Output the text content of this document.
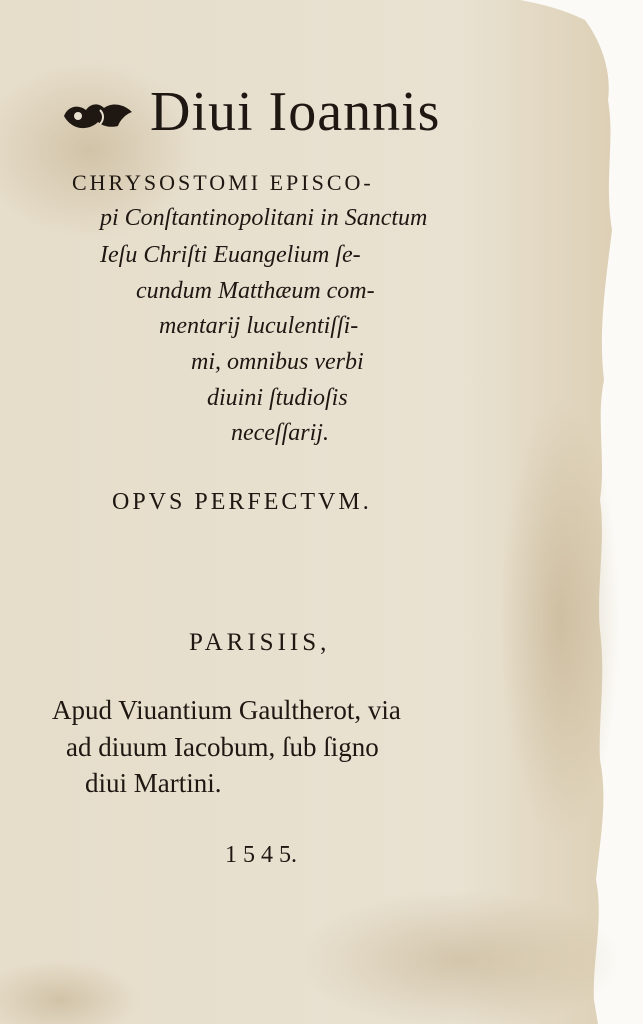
Diui Ioannis
CHRYSOSTOMI EPISCO-
pi Conſtantinopolitani in Sanctum
Ieſu Chriſti Euangelium ſe-
cundum Matthæum com-
mentarij luculentiſſi-
mi, omnibus verbi
diuini ſtudioſis
neceſſarij.
OPVS PERFECTVM.
PARISIIS,
Apud Viuantium Gaultherot, via
ad diuum Iacobum, ſub ſigno
diui Martini.
1 5 4 5.
